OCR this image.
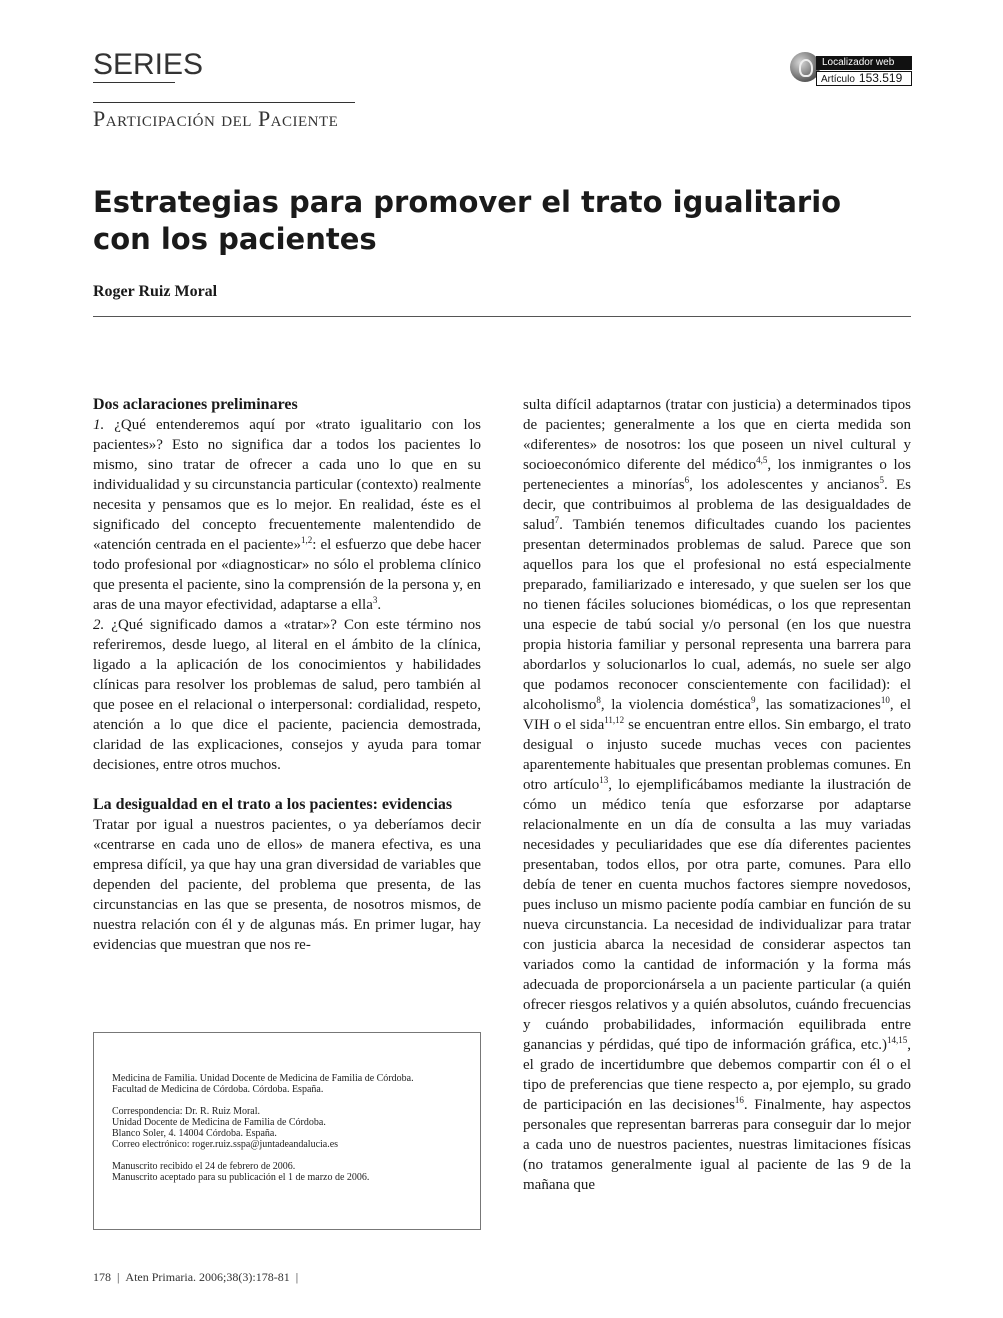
SERIES
Participación del Paciente
Localizador web
Artículo 153.519
Estrategias para promover el trato igualitario con los pacientes
Roger Ruiz Moral
Dos aclaraciones preliminares

1. ¿Qué entenderemos aquí por «trato igualitario con los pacientes»? Esto no significa dar a todos los pacientes lo mismo, sino tratar de ofrecer a cada uno lo que en su individualidad y su circunstancia particular (contexto) realmente necesita y pensamos que es lo mejor. En realidad, éste es el significado del concepto frecuentemente malentendido de «atención centrada en el paciente»$^{1,2}$: el esfuerzo que debe hacer todo profesional por «diagnosticar» no sólo el problema clínico que presenta el paciente, sino la comprensión de la persona y, en aras de una mayor efectividad, adaptarse a ella$^3$.

2. ¿Qué significado damos a «tratar»? Con este término nos referiremos, desde luego, al literal en el ámbito de la clínica, ligado a la aplicación de los conocimientos y habilidades clínicas para resolver los problemas de salud, pero también al que posee en el relacional o interpersonal: cordialidad, respeto, atención a lo que dice el paciente, paciencia demostrada, claridad de las explicaciones, consejos y ayuda para tomar decisiones, entre otros muchos.

La desigualdad en el trato a los pacientes: evidencias

Tratar por igual a nuestros pacientes, o ya deberíamos decir «centrarse en cada uno de ellos» de manera efectiva, es una empresa difícil, ya que hay una gran diversidad de variables que dependen del paciente, del problema que presenta, de las circunstancias en las que se presenta, de nosotros mismos, de nuestra relación con él y de algunas más. En primer lugar, hay evidencias que muestran que nos re-

sulta difícil adaptarnos (tratar con justicia) a determinados tipos de pacientes; generalmente a los que en cierta medida son «diferentes» de nosotros: los que poseen un nivel cultural y socioeconómico diferente del médico$^{4,5}$, los inmigrantes o los pertenecientes a minorías$^6$, los adolescentes y ancianos$^5$. Es decir, que contribuimos al problema de las desigualdades de salud$^7$. También tenemos dificultades cuando los pacientes presentan determinados problemas de salud. Parece que son aquellos para los que el profesional no está especialmente preparado, familiarizado e interesado, y que suelen ser los que no tienen fáciles soluciones biomédicas, o los que representan una especie de tabú social y/o personal (en los que nuestra propia historia familiar y personal representa una barrera para abordarlos y solucionarlos lo cual, además, no suele ser algo que podamos reconocer conscientemente con facilidad): el alcoholismo$^8$, la violencia doméstica$^9$, las somatizaciones$^{10}$, el VIH o el sida$^{11,12}$ se encuentran entre ellos. Sin embargo, el trato desigual o injusto sucede muchas veces con pacientes aparentemente habituales que presentan problemas comunes. En otro artículo$^{13}$, lo ejemplificábamos mediante la ilustración de cómo un médico tenía que esforzarse por adaptarse relacionalmente en un día de consulta a las muy variadas necesidades y peculiaridades que ese día diferentes pacientes presentaban, todos ellos, por otra parte, comunes. Para ello debía de tener en cuenta muchos factores siempre novedosos, pues incluso un mismo paciente podía cambiar en función de su nueva circunstancia. La necesidad de individualizar para tratar con justicia abarca la necesidad de considerar aspectos tan variados como la cantidad de información y la forma más adecuada de proporcionársela a un paciente particular (a quién ofrecer riesgos relativos y a quién absolutos, cuándo frecuencias y cuándo probabilidades, información equilibrada entre ganancias y pérdidas, qué tipo de información gráfica, etc.)$^{14,15}$, el grado de incertidumbre que debemos compartir con él o el tipo de preferencias que tiene respecto a, por ejemplo, su grado de participación en las decisiones$^{16}$. Finalmente, hay aspectos personales que representan barreras para conseguir dar lo mejor a cada uno de nuestros pacientes, nuestras limitaciones físicas (no tratamos generalmente igual al paciente de las 9 de la mañana que

Medicina de Familia. Unidad Docente de Medicina de Familia de Córdoba.
Facultad de Medicina de Córdoba. Córdoba. España.

Correspondencia: Dr. R. Ruiz Moral.
Unidad Docente de Medicina de Familia de Córdoba.
Blanco Soler, 4. 14004 Córdoba. España.
Correo electrónico: roger.ruiz.sspa@juntadeandalucia.es

Manuscrito recibido el 24 de febrero de 2006.
Manuscrito aceptado para su publicación el 1 de marzo de 2006.

178 | Aten Primaria. 2006;38(3):178-81 |
